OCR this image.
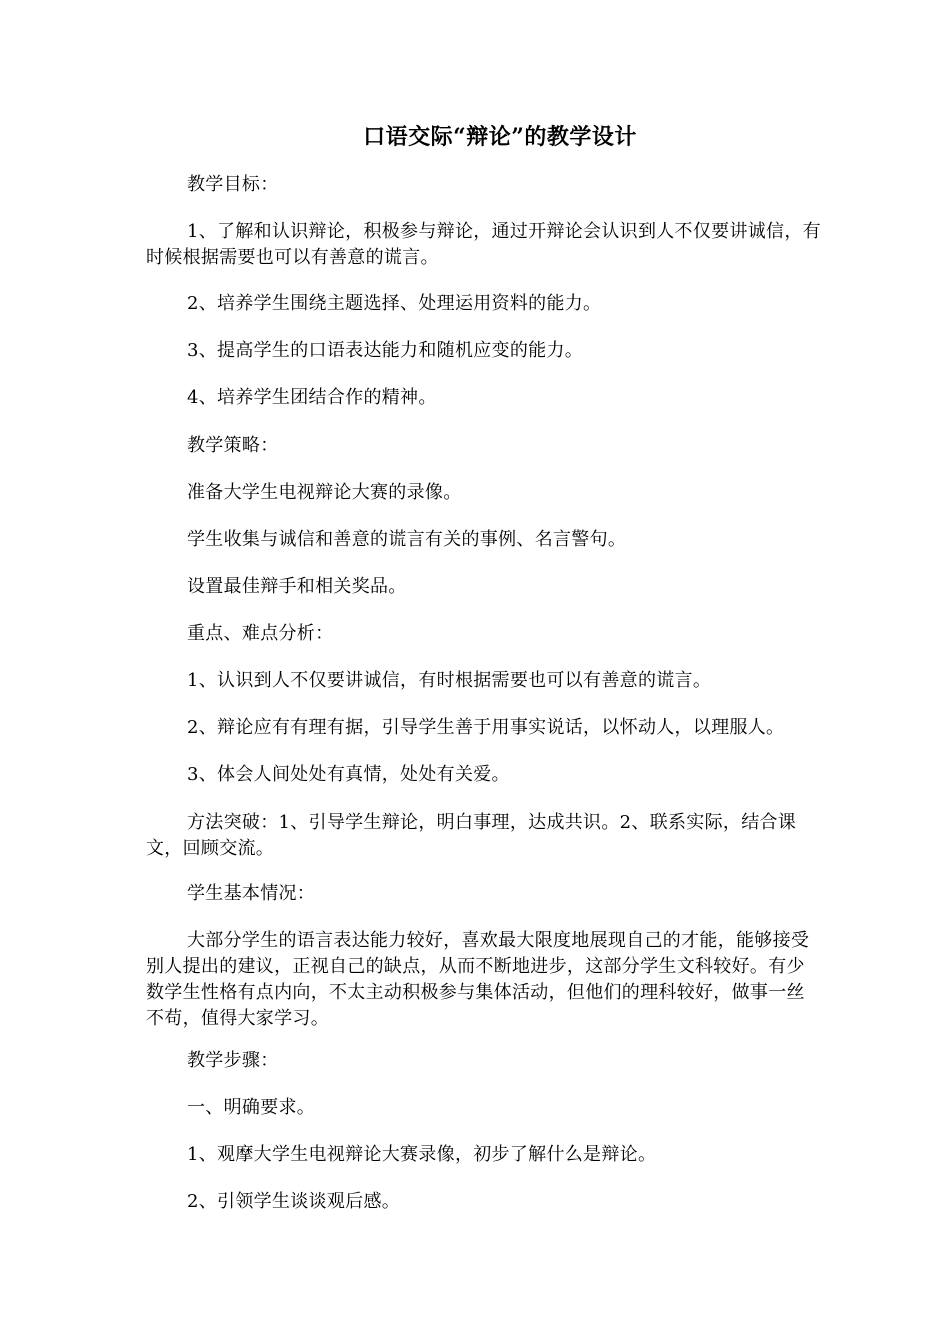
口语交际“辩论”的教学设计

教学目标：

1、了解和认识辩论，积极参与辩论，通过开辩论会认识到人不仅要讲诚信，有时候根据需要也可以有善意的谎言。

2、培养学生围绕主题选择、处理运用资料的能力。

3、提高学生的口语表达能力和随机应变的能力。

4、培养学生团结合作的精神。

教学策略：

准备大学生电视辩论大赛的录像。

学生收集与诚信和善意的谎言有关的事例、名言警句。

设置最佳辩手和相关奖品。

重点、难点分析：

1、认识到人不仅要讲诚信，有时根据需要也可以有善意的谎言。

2、辩论应有有理有据，引导学生善于用事实说话，以怀动人，以理服人。

3、体会人间处处有真情，处处有关爱。

方法突破：1、引导学生辩论，明白事理，达成共识。2、联系实际，结合课文，回顾交流。

学生基本情况：

大部分学生的语言表达能力较好，喜欢最大限度地展现自己的才能，能够接受别人提出的建议，正视自己的缺点，从而不断地进步，这部分学生文科较好。有少数学生性格有点内向，不太主动积极参与集体活动，但他们的理科较好，做事一丝不苟，值得大家学习。

教学步骤：

一、明确要求。

1、观摩大学生电视辩论大赛录像，初步了解什么是辩论。

2、引领学生谈谈观后感。
